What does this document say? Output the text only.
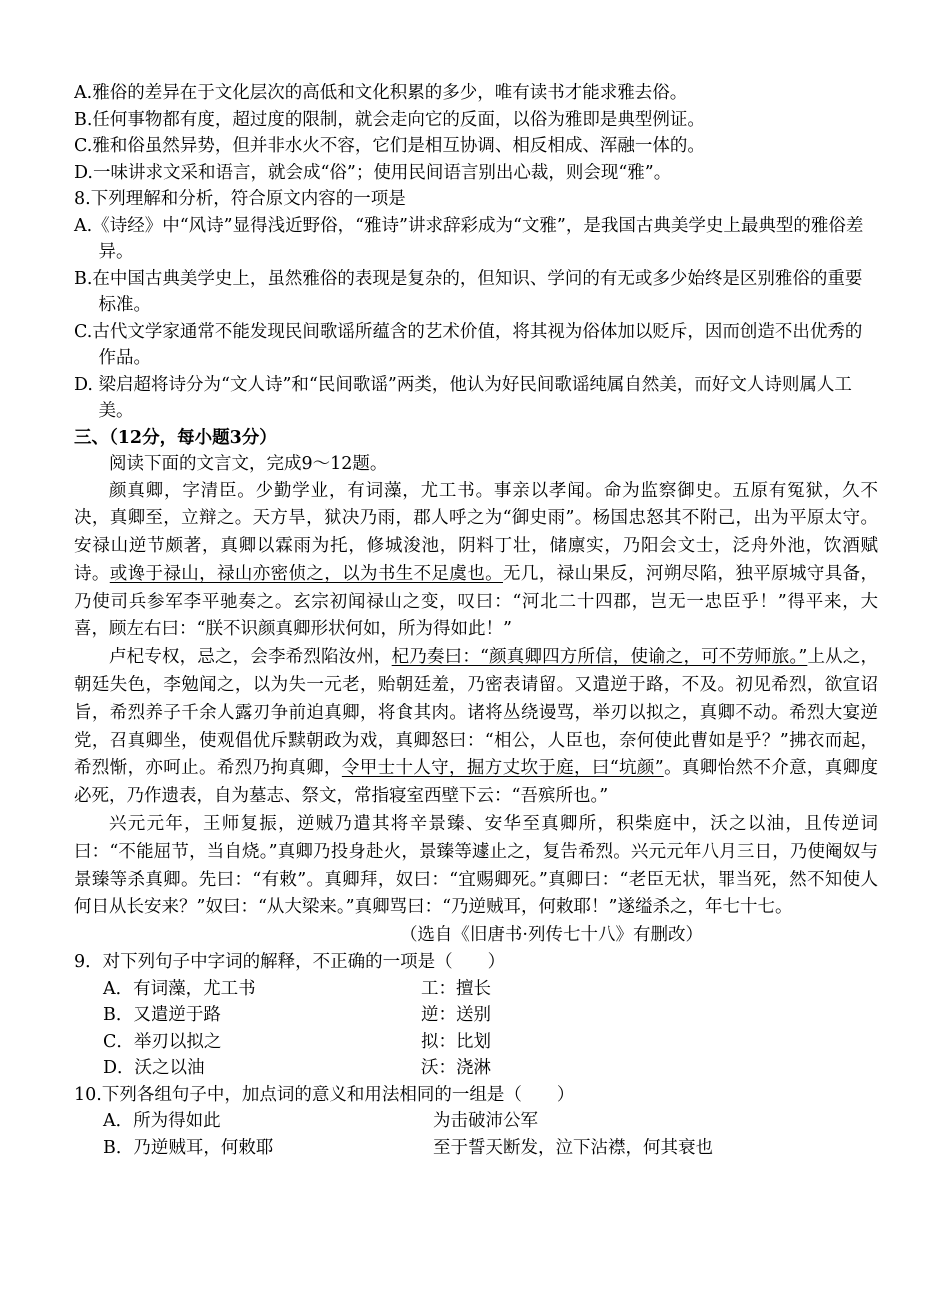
A.雅俗的差异在于文化层次的高低和文化积累的多少，唯有读书才能求雅去俗。
B.任何事物都有度，超过度的限制，就会走向它的反面，以俗为雅即是典型例证。
C.雅和俗虽然异势，但并非水火不容，它们是相互协调、相反相成、浑融一体的。
D.一味讲求文采和语言，就会成“俗”；使用民间语言别出心裁，则会现“雅”。
8.下列理解和分析，符合原文内容的一项是
A.《诗经》中“风诗”显得浅近野俗，“雅诗”讲求辞彩成为“文雅”，是我国古典美学史上最典型的雅俗差异。
B.在中国古典美学史上，虽然雅俗的表现是复杂的，但知识、学问的有无或多少始终是区别雅俗的重要标准。
C.古代文学家通常不能发现民间歌谣所蕴含的艺术价值，将其视为俗体加以贬斥，因而创造不出优秀的作品。
D. 梁启超将诗分为“文人诗”和“民间歌谣”两类，他认为好民间歌谣纯属自然美，而好文人诗则属人工美。
三、（12分，每小题3分）
阅读下面的文言文，完成9～12题。
颜真卿，字清臣。少勤学业，有词藻，尤工书。事亲以孝闻。命为监察御史。五原有冤狱，久不决，真卿至，立辩之。天方旱，狱决乃雨，郡人呼之为“御史雨”。杨国忠怒其不附己，出为平原太守。安禄山逆节颇著，真卿以霖雨为托，修城浚池，阴料丁壮，储廪实，乃阳会文士，泛舟外池，饮酒赋诗。或谗于禄山，禄山亦密侦之，以为书生不足虞也。无几，禄山果反，河朔尽陷，独平原城守具备，乃使司兵参军李平驰奏之。玄宗初闻禄山之变，叹曰：“河北二十四郡，岂无一忠臣乎！”得平来，大喜，顾左右曰：“朕不识颜真卿形状何如，所为得如此！”
卢杞专权，忌之，会李希烈陷汝州，杞乃奏曰：“颜真卿四方所信，使谕之，可不劳师旅。”上从之，朝廷失色，李勉闻之，以为失一元老，贻朝廷羞，乃密表请留。又遣逆于路，不及。初见希烈，欲宣诏旨，希烈养子千余人露刃争前迫真卿，将食其肉。诸将丛绕谩骂，举刃以拟之，真卿不动。希烈大宴逆党，召真卿坐，使观倡优斥黩朝政为戏，真卿怒曰：“相公，人臣也，奈何使此曹如是乎？”拂衣而起，希烈惭，亦呵止。希烈乃拘真卿，令甲士十人守，掘方丈坎于庭，曰“坑颜”。真卿怡然不介意，真卿度必死，乃作遗表，自为墓志、祭文，常指寝室西壁下云：“吾殡所也。”
兴元元年，王师复振，逆贼乃遣其将辛景臻、安华至真卿所，积柴庭中，沃之以油，且传逆词曰：“不能屈节，当自烧。”真卿乃投身赴火，景臻等遽止之，复告希烈。兴元元年八月三日，乃使阉奴与景臻等杀真卿。先曰：“有敕”。真卿拜，奴曰：“宜赐卿死。”真卿曰：“老臣无状，罪当死，然不知使人何日从长安来？”奴曰：“从大梁来。”真卿骂曰：“乃逆贼耳，何敕耶！”遂缢杀之，年七十七。
（选自《旧唐书·列传七十八》有删改）
9．对下列句子中字词的解释，不正确的一项是（　　）
A．有词藻，尤工书	工：擅长
B．又遣逆于路	逆：送别
C．举刃以拟之	拟：比划
D．沃之以油	沃：浇淋
10.下列各组句子中，加点词的意义和用法相同的一组是（　　）
A．所为得如此	为击破沛公军
B．乃逆贼耳，何敕耶	至于誓天断发，泣下沾襟，何其衰也
